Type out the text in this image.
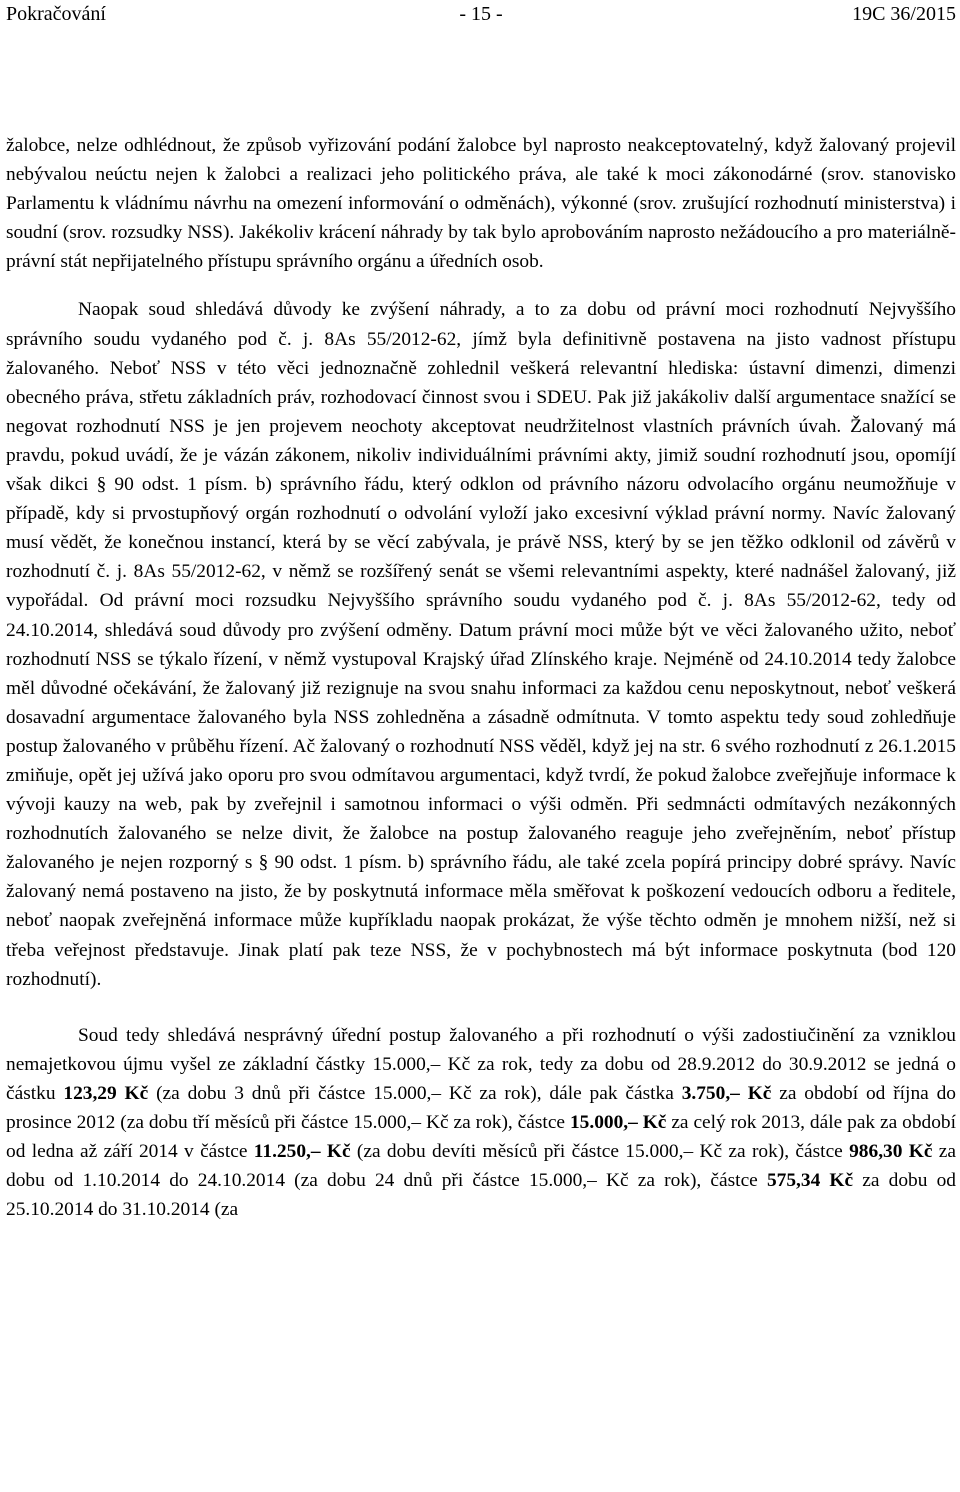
Pokračování	- 15 -	19C 36/2015

žalobce, nelze odhlédnout, že způsob vyřizování podání žalobce byl naprosto neakceptovatelný, když žalovaný projevil nebývalou neúctu nejen k žalobci a realizaci jeho politického práva, ale také k moci zákonodárné (srov. stanovisko Parlamentu k vládnímu návrhu na omezení informování o odměnách), výkonné (srov. zrušující rozhodnutí ministerstva) i soudní (srov. rozsudky NSS). Jakékoliv krácení náhrady by tak bylo aprobováním naprosto nežádoucího a pro materiálně-právní stát nepřijatelného přístupu správního orgánu a úředních osob.

Naopak soud shledává důvody ke zvýšení náhrady, a to za dobu od právní moci rozhodnutí Nejvyššího správního soudu vydaného pod č. j. 8As 55/2012-62, jímž byla definitivně postavena na jisto vadnost přístupu žalovaného. Neboť NSS v této věci jednoznačně zohlednil veškerá relevantní hlediska: ústavní dimenzi, dimenzi obecného práva, střetu základních práv, rozhodovací činnost svou i SDEU. Pak již jakákoliv další argumentace snažící se negovat rozhodnutí NSS je jen projevem neochoty akceptovat neudržitelnost vlastních právních úvah. Žalovaný má pravdu, pokud uvádí, že je vázán zákonem, nikoliv individuálními právními akty, jimiž soudní rozhodnutí jsou, opomíjí však dikci § 90 odst. 1 písm. b) správního řádu, který odklon od právního názoru odvolacího orgánu neumožňuje v případě, kdy si prvostupňový orgán rozhodnutí o odvolání vyloží jako excesivní výklad právní normy. Navíc žalovaný musí vědět, že konečnou instancí, která by se věcí zabývala, je právě NSS, který by se jen těžko odklonil od závěrů v rozhodnutí č. j. 8As 55/2012-62, v němž se rozšířený senát se všemi relevantními aspekty, které nadnášel žalovaný, již vypořádal. Od právní moci rozsudku Nejvyššího správního soudu vydaného pod č. j. 8As 55/2012-62, tedy od 24.10.2014, shledává soud důvody pro zvýšení odměny. Datum právní moci může být ve věci žalovaného užito, neboť rozhodnutí NSS se týkalo řízení, v němž vystupoval Krajský úřad Zlínského kraje. Nejméně od 24.10.2014 tedy žalobce měl důvodné očekávání, že žalovaný již rezignuje na svou snahu informaci za každou cenu neposkytnout, neboť veškerá dosavadní argumentace žalovaného byla NSS zohledněna a zásadně odmítnuta. V tomto aspektu tedy soud zohledňuje postup žalovaného v průběhu řízení. Ač žalovaný o rozhodnutí NSS věděl, když jej na str. 6 svého rozhodnutí z 26.1.2015 zmiňuje, opět jej užívá jako oporu pro svou odmítavou argumentaci, když tvrdí, že pokud žalobce zveřejňuje informace k vývoji kauzy na web, pak by zveřejnil i samotnou informaci o výši odměn. Při sedmnácti odmítavých nezákonných rozhodnutích žalovaného se nelze divit, že žalobce na postup žalovaného reaguje jeho zveřejněním, neboť přístup žalovaného je nejen rozporný s § 90 odst. 1 písm. b) správního řádu, ale také zcela popírá principy dobré správy. Navíc žalovaný nemá postaveno na jisto, že by poskytnutá informace měla směřovat k poškození vedoucích odboru a ředitele, neboť naopak zveřejněná informace může kupříkladu naopak prokázat, že výše těchto odměn je mnohem nižší, než si třeba veřejnost představuje. Jinak platí pak teze NSS, že v pochybnostech má být informace poskytnuta (bod 120 rozhodnutí).

Soud tedy shledává nesprávný úřední postup žalovaného a při rozhodnutí o výši zadostiučinění za vzniklou nemajetkovou újmu vyšel ze základní částky 15.000,– Kč za rok, tedy za dobu od 28.9.2012 do 30.9.2012 se jedná o částku 123,29 Kč (za dobu 3 dnů při částce 15.000,– Kč za rok), dále pak částka 3.750,– Kč za období od října do prosince 2012 (za dobu tří měsíců při částce 15.000,– Kč za rok), částce 15.000,– Kč za celý rok 2013, dále pak za období od ledna až září 2014 v částce 11.250,– Kč (za dobu devíti měsíců při částce 15.000,– Kč za rok), částce 986,30 Kč za dobu od 1.10.2014 do 24.10.2014 (za dobu 24 dnů při částce 15.000,– Kč za rok), částce 575,34 Kč za dobu od 25.10.2014 do 31.10.2014 (za
